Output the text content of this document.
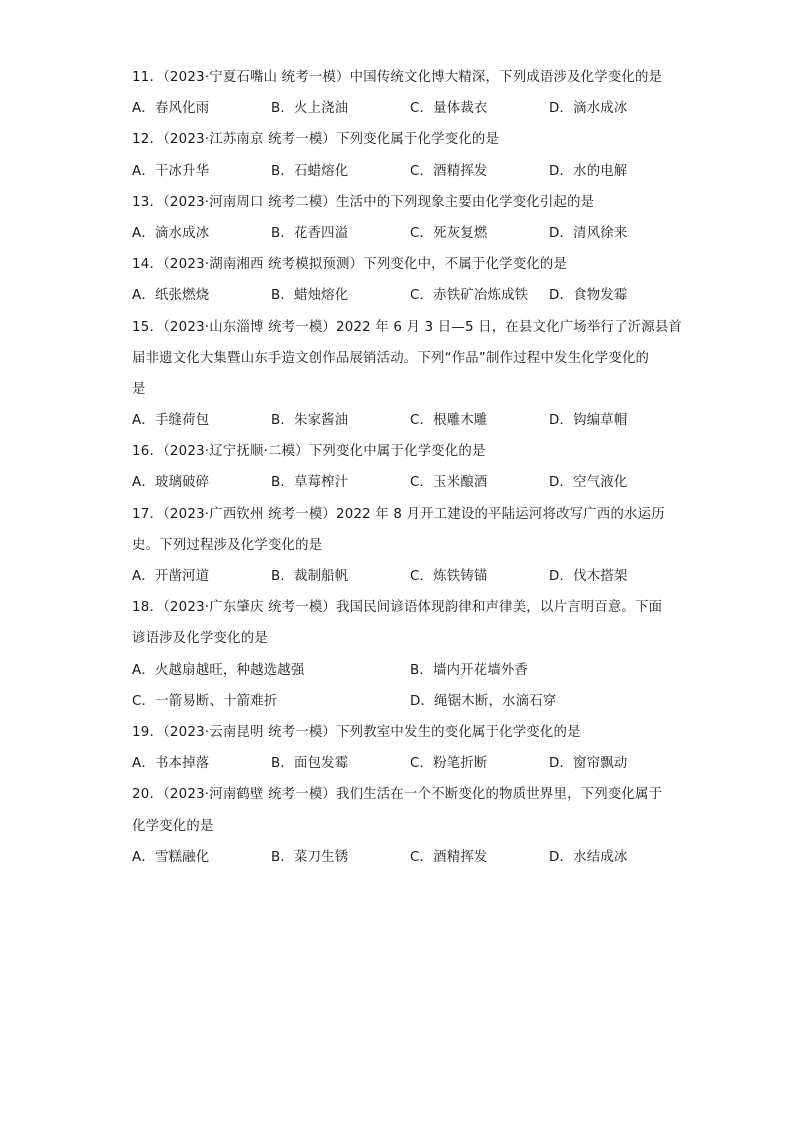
11．（2023·宁夏石嘴山 统考一模）中国传统文化博大精深，下列成语涉及化学变化的是
A．春风化雨	B．火上浇油	C．量体裁衣	D．滴水成冰
12．（2023·江苏南京 统考一模）下列变化属于化学变化的是
A．干冰升华	B．石蜡熔化	C．酒精挥发	D．水的电解
13．（2023·河南周口 统考二模）生活中的下列现象主要由化学变化引起的是
A．滴水成冰	B．花香四溢	C．死灰复燃	D．清风徐来
14．（2023·湖南湘西 统考模拟预测）下列变化中，不属于化学变化的是
A．纸张燃烧	B．蜡烛熔化	C．赤铁矿冶炼成铁	D．食物发霉
15．（2023·山东淄博 统考一模）2022 年 6 月 3 日—5 日，在县文化广场举行了沂源县首
届非遗文化大集暨山东手造文创作品展销活动。下列“作品”制作过程中发生化学变化的
是
A．手缝荷包	B．朱家酱油	C．根雕木雕	D．钩编草帽
16．（2023·辽宁抚顺·二模）下列变化中属于化学变化的是
A．玻璃破碎	B．草莓榨汁	C．玉米酿酒	D．空气液化
17．（2023·广西钦州 统考一模）2022 年 8 月开工建设的平陆运河将改写广西的水运历
史。下列过程涉及化学变化的是
A．开凿河道	B．裁制船帆	C．炼铁铸锚	D．伐木搭架
18．（2023·广东肇庆 统考一模）我国民间谚语体现韵律和声律美，以片言明百意。下面
谚语涉及化学变化的是
A．火越扇越旺，种越选越强	B．墙内开花墙外香
C．一箭易断、十箭难折	D．绳锯木断，水滴石穿
19．（2023·云南昆明 统考一模）下列教室中发生的变化属于化学变化的是
A．书本掉落	B．面包发霉	C．粉笔折断	D．窗帘飘动
20．（2023·河南鹤壁 统考一模）我们生活在一个不断变化的物质世界里，下列变化属于
化学变化的是
A．雪糕融化	B．菜刀生锈	C．酒精挥发	D．水结成冰
